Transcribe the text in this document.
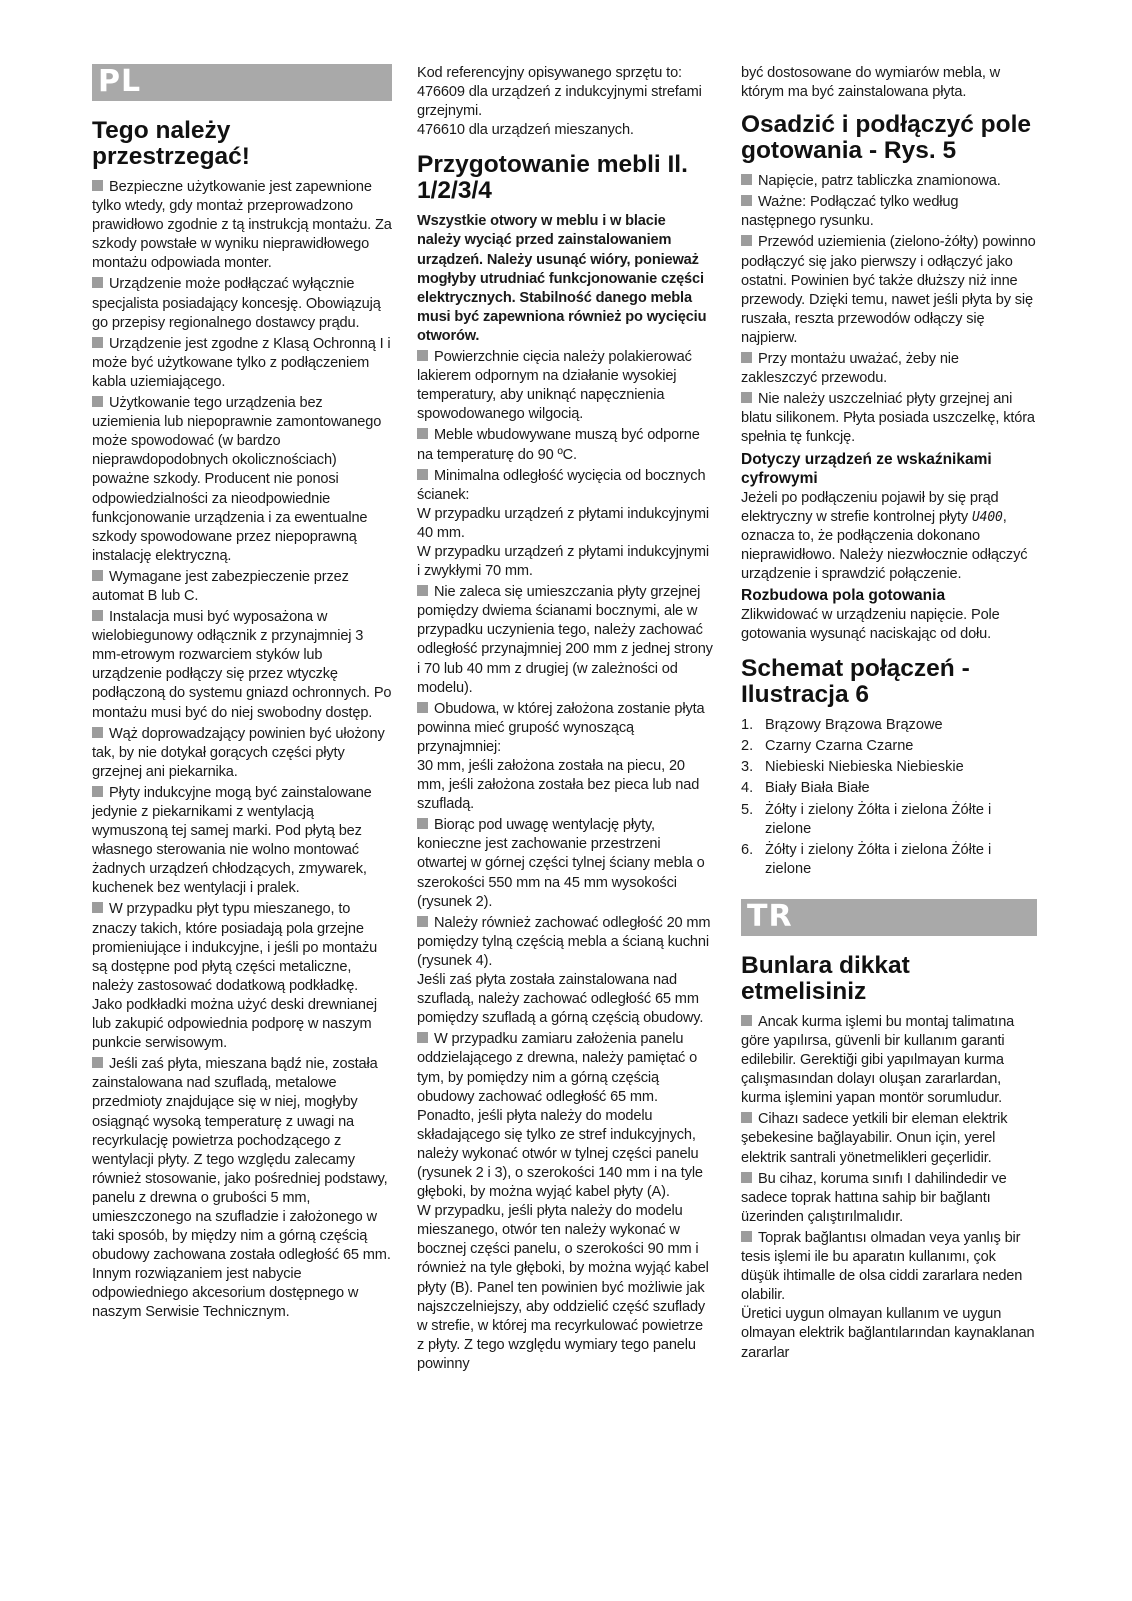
PL
Tego należy przestrzegać!

Bezpieczne użytkowanie jest zapewnione tylko wtedy, gdy montaż przeprowadzono prawidłowo zgodnie z tą instrukcją montażu. Za szkody powstałe w wyniku nieprawidłowego montażu odpowiada monter.

Urządzenie może podłączać wyłącznie specjalista posiadający koncesję. Obowiązują go przepisy regionalnego dostawcy prądu.

Urządzenie jest zgodne z Klasą Ochronną I i może być użytkowane tylko z podłączeniem kabla uziemiającego.

Użytkowanie tego urządzenia bez uziemienia lub niepoprawnie zamontowanego może spowodować (w bardzo nieprawdopodobnych okolicznościach) poważne szkody. Producent nie ponosi odpowiedzialności za nieodpowiednie funkcjonowanie urządzenia i za ewentualne szkody spowodowane przez niepoprawną instalację elektryczną.

Wymagane jest zabezpieczenie przez automat B lub C.

Instalacja musi być wyposażona w wielobiegunowy odłącznik z przynajmniej 3 mm-etrowym rozwarciem styków lub urządzenie podłączy się przez wtyczkę podłączoną do systemu gniazd ochronnych. Po montażu musi być do niej swobodny dostęp.

Wąż doprowadzający powinien być ułożony tak, by nie dotykał gorących części płyty grzejnej ani piekarnika.

Płyty indukcyjne mogą być zainstalowane jedynie z piekarnikami z wentylacją wymuszoną tej samej marki. Pod płytą bez własnego sterowania nie wolno montować żadnych urządzeń chłodzących, zmywarek, kuchenek bez wentylacji i pralek.

W przypadku płyt typu mieszanego, to znaczy takich, które posiadają pola grzejne promieniujące i indukcyjne, i jeśli po montażu są dostępne pod płytą części metaliczne, należy zastosować dodatkową podkładkę. Jako podkładki można użyć deski drewnianej lub zakupić odpowiednia podporę w naszym punkcie serwisowym.

Jeśli zaś płyta, mieszana bądź nie, została zainstalowana nad szufladą, metalowe przedmioty znajdujące się w niej, mogłyby osiągnąć wysoką temperaturę z uwagi na recyrkulację powietrza pochodzącego z wentylacji płyty. Z tego względu zalecamy również stosowanie, jako pośredniej podstawy, panelu z drewna o grubości 5 mm, umieszczonego na szufladzie i założonego w taki sposób, by między nim a górną częścią obudowy zachowana została odległość 65 mm. Innym rozwiązaniem jest nabycie odpowiedniego akcesorium dostępnego w naszym Serwisie Technicznym.

Kod referencyjny opisywanego sprzętu to:

476609 dla urządzeń z indukcyjnymi strefami grzejnymi.

476610 dla urządzeń mieszanych.

Przygotowanie mebli Il. 1/2/3/4

Wszystkie otwory w meblu i w blacie należy wyciąć przed zainstalowaniem urządzeń. Należy usunąć wióry, ponieważ mogłyby utrudniać funkcjonowanie części elektrycznych. Stabilność danego mebla musi być zapewniona również po wycięciu otworów.

Powierzchnie cięcia należy polakierować lakierem odpornym na działanie wysokiej temperatury, aby uniknąć napęcznienia spowodowanego wilgocią.

Meble wbudowywane muszą być odporne na temperaturę do 90 ºC.

Minimalna odległość wycięcia od bocznych ścianek:

W przypadku urządzeń z płytami indukcyjnymi 40 mm.

W przypadku urządzeń z płytami indukcyjnymi i zwykłymi 70 mm.

Nie zaleca się umieszczania płyty grzejnej pomiędzy dwiema ścianami bocznymi, ale w przypadku uczynienia tego, należy zachować odległość przynajmniej 200 mm z jednej strony i 70 lub 40 mm z drugiej (w zależności od modelu).

Obudowa, w której założona zostanie płyta powinna mieć grupość wynoszącą przynajmniej:

30 mm, jeśli założona została na piecu, 20 mm, jeśli założona została bez pieca lub nad szufladą.

Biorąc pod uwagę wentylację płyty, konieczne jest zachowanie przestrzeni otwartej w górnej części tylnej ściany mebla o szerokości 550 mm na 45 mm wysokości (rysunek 2).

Należy również zachować odległość 20 mm pomiędzy tylną częścią mebla a ścianą kuchni (rysunek 4).

Jeśli zaś płyta została zainstalowana nad szufladą, należy zachować odległość 65 mm pomiędzy szufladą a górną częścią obudowy.

W przypadku zamiaru założenia panelu oddzielającego z drewna, należy pamiętać o tym, by pomiędzy nim a górną częścią obudowy zachować odległość 65 mm.

Ponadto, jeśli płyta należy do modelu składającego się tylko ze stref indukcyjnych, należy wykonać otwór w tylnej części panelu (rysunek 2 i 3), o szerokości 140 mm i na tyle głęboki, by można wyjąć kabel płyty (A).

W przypadku, jeśli płyta należy do modelu mieszanego, otwór ten należy wykonać w bocznej części panelu, o szerokości 90 mm i również na tyle głęboki, by można wyjąć kabel płyty (B). Panel ten powinien być możliwie jak najszczelniejszy, aby oddzielić część szuflady w strefie, w której ma recyrkulować powietrze z płyty. Z tego względu wymiary tego panelu powinny

być dostosowane do wymiarów mebla, w którym ma być zainstalowana płyta.

Osadzić i podłączyć pole gotowania - Rys. 5

Napięcie, patrz tabliczka znamionowa.

Ważne: Podłączać tylko według następnego rysunku.

Przewód uziemienia (zielono-żółty) powinno podłączyć się jako pierwszy i odłączyć jako ostatni. Powinien być także dłuższy niż inne przewody. Dzięki temu, nawet jeśli płyta by się ruszała, reszta przewodów odłączy się najpierw.

Przy montażu uważać, żeby nie zakleszczyć przewodu.

Nie należy uszczelniać płyty grzejnej ani blatu silikonem. Płyta posiada uszczelkę, która spełnia tę funkcję.

Dotyczy urządzeń ze wskaźnikami cyfrowymi

Jeżeli po podłączeniu pojawił by się prąd elektryczny w strefie kontrolnej płyty U400, oznacza to, że podłączenia dokonano nieprawidłowo. Należy niezwłocznie odłączyć urządzenie i sprawdzić połączenie.

Rozbudowa pola gotowania

Zlikwidować w urządzeniu napięcie. Pole gotowania wysunąć naciskając od dołu.

Schemat połączeń - Ilustracja 6
1. Brązowy Brązowa Brązowe
2. Czarny Czarna Czarne
3. Niebieski Niebieska Niebieskie
4. Biały Biała Białe
5. Żółty i zielony Żółta i zielona Żółte i zielone
6. Żółty i zielony Żółta i zielona Żółte i zielone
TR
Bunlara dikkat etmelisiniz

Ancak kurma işlemi bu montaj talimatına göre yapılırsa, güvenli bir kullanım garanti edilebilir. Gerektiği gibi yapılmayan kurma çalışmasından dolayı oluşan zararlardan, kurma işlemini yapan montör sorumludur.

Cihazı sadece yetkili bir eleman elektrik şebekesine bağlayabilir. Onun için, yerel elektrik santrali yönetmelikleri geçerlidir.

Bu cihaz, koruma sınıfı I dahilindedir ve sadece toprak hattına sahip bir bağlantı üzerinden çalıştırılmalıdır.

Toprak bağlantısı olmadan veya yanlış bir tesis işlemi ile bu aparatın kullanımı, çok düşük ihtimalle de olsa ciddi zararlara neden olabilir.

Üretici uygun olmayan kullanım ve uygun olmayan elektrik bağlantılarından kaynaklanan zararlar
